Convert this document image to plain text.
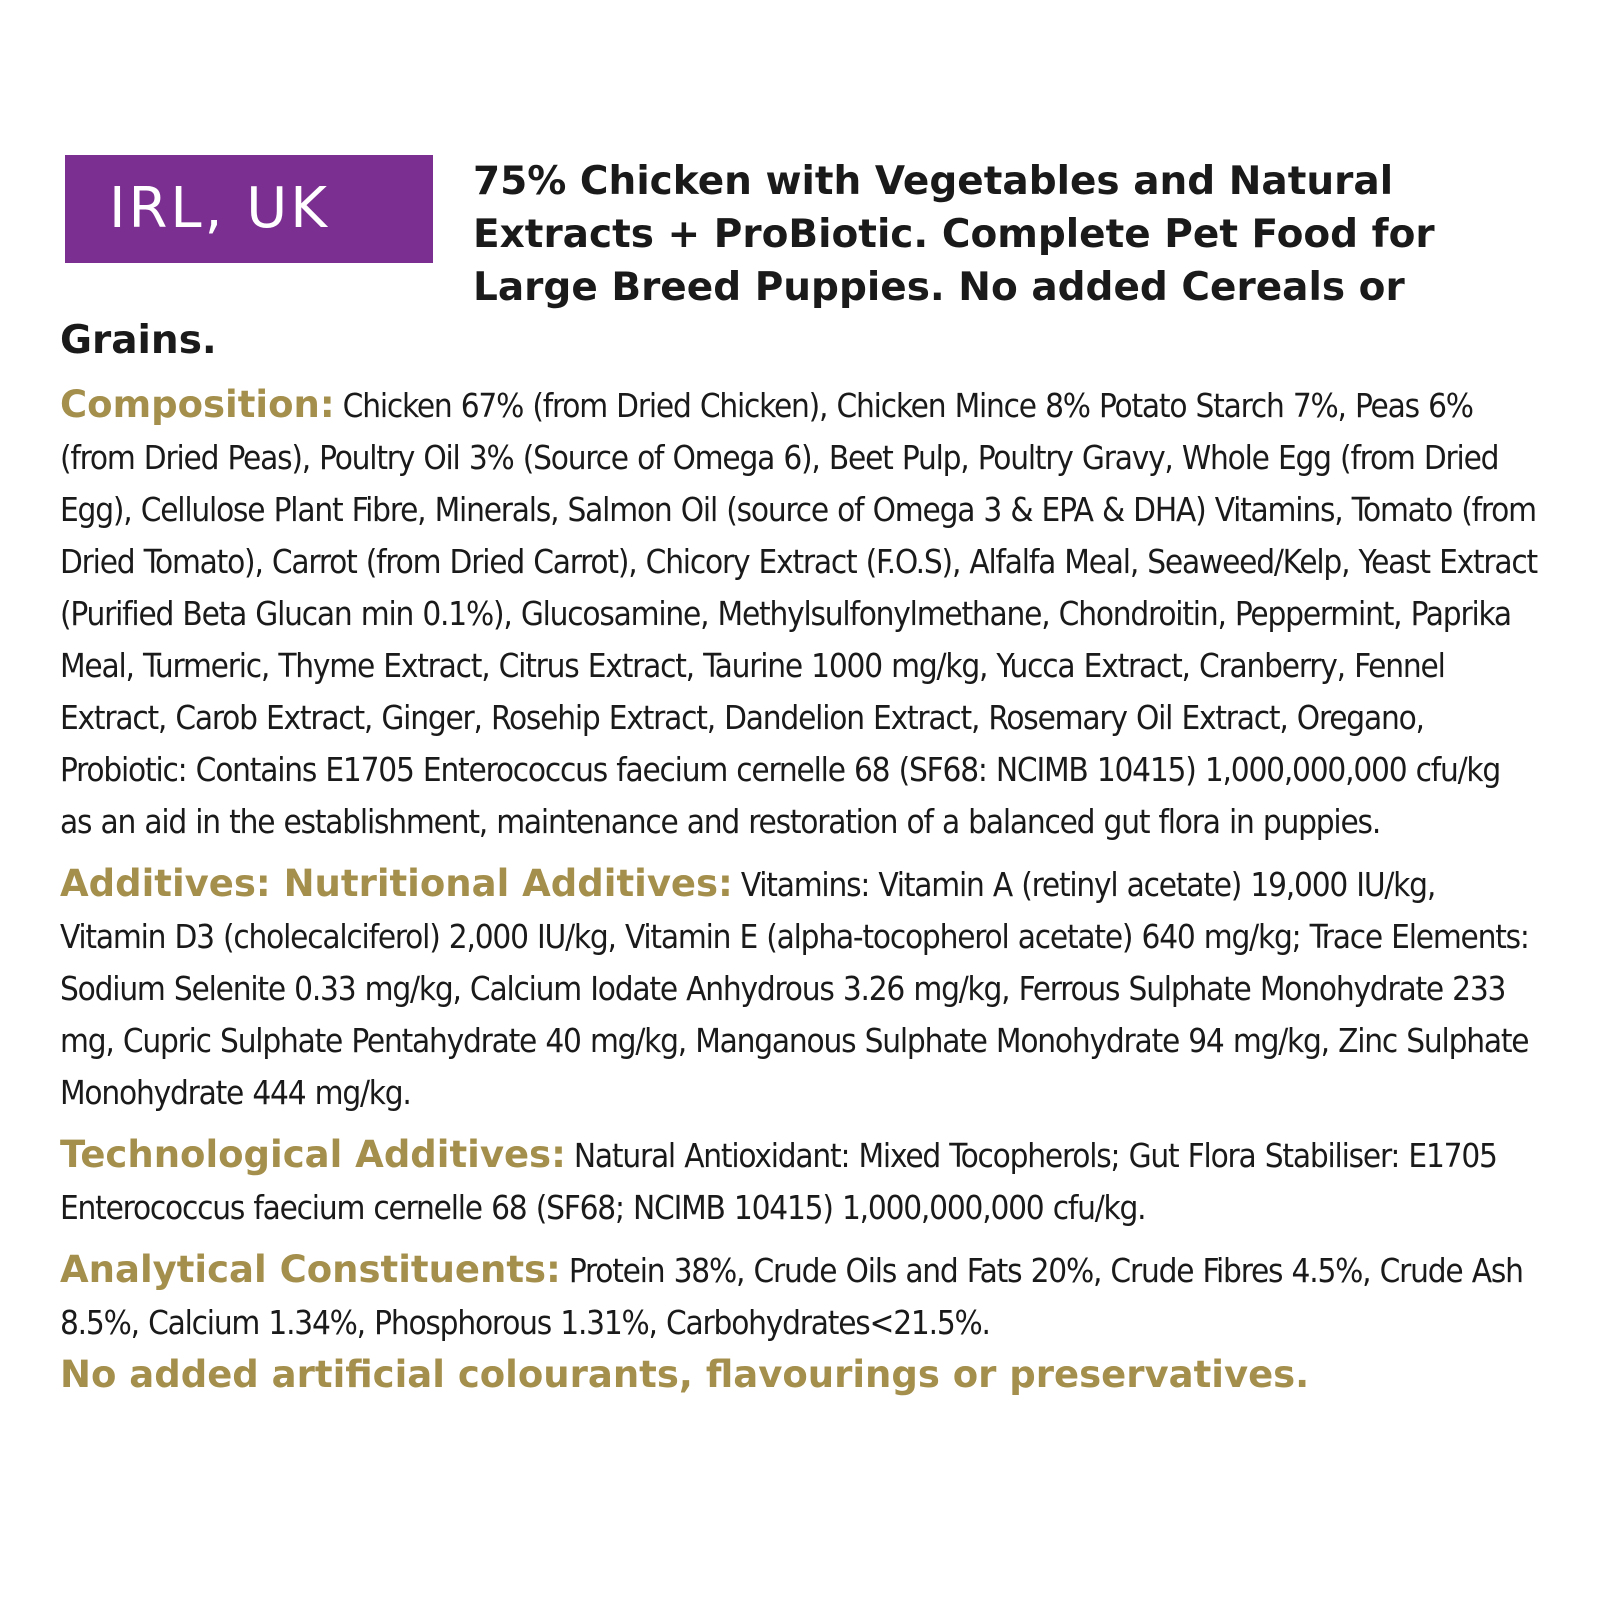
IRL, UK	75% Chicken with Vegetables and Natural Extracts + ProBiotic. Complete Pet Food for Large Breed Puppies. No added Cereals or Grains.

Composition: Chicken 67% (from Dried Chicken), Chicken Mince 8% Potato Starch 7%, Peas 6% (from Dried Peas), Poultry Oil 3% (Source of Omega 6), Beet Pulp, Poultry Gravy, Whole Egg (from Dried Egg), Cellulose Plant Fibre, Minerals, Salmon Oil (source of Omega 3 & EPA & DHA) Vitamins, Tomato (from Dried Tomato), Carrot (from Dried Carrot), Chicory Extract (F.O.S), Alfalfa Meal, Seaweed/Kelp, Yeast Extract (Purified Beta Glucan min 0.1%), Glucosamine, Methylsulfonylmethane, Chondroitin, Peppermint, Paprika Meal, Turmeric, Thyme Extract, Citrus Extract, Taurine 1000 mg/kg, Yucca Extract, Cranberry, Fennel Extract, Carob Extract, Ginger, Rosehip Extract, Dandelion Extract, Rosemary Oil Extract, Oregano, Probiotic: Contains E1705 Enterococcus faecium cernelle 68 (SF68: NCIMB 10415) 1,000,000,000 cfu/kg as an aid in the establishment, maintenance and restoration of a balanced gut flora in puppies.

Additives: Nutritional Additives: Vitamins: Vitamin A (retinyl acetate) 19,000 IU/kg, Vitamin D3 (cholecalciferol) 2,000 IU/kg, Vitamin E (alpha-tocopherol acetate) 640 mg/kg; Trace Elements: Sodium Selenite 0.33 mg/kg, Calcium Iodate Anhydrous 3.26 mg/kg, Ferrous Sulphate Monohydrate 233 mg, Cupric Sulphate Pentahydrate 40 mg/kg, Manganous Sulphate Monohydrate 94 mg/kg, Zinc Sulphate Monohydrate 444 mg/kg.

Technological Additives: Natural Antioxidant: Mixed Tocopherols; Gut Flora Stabiliser: E1705 Enterococcus faecium cernelle 68 (SF68; NCIMB 10415) 1,000,000,000 cfu/kg.

Analytical Constituents: Protein 38%, Crude Oils and Fats 20%, Crude Fibres 4.5%, Crude Ash 8.5%, Calcium 1.34%, Phosphorous 1.31%, Carbohydrates<21.5%.

No added artificial colourants, flavourings or preservatives.
